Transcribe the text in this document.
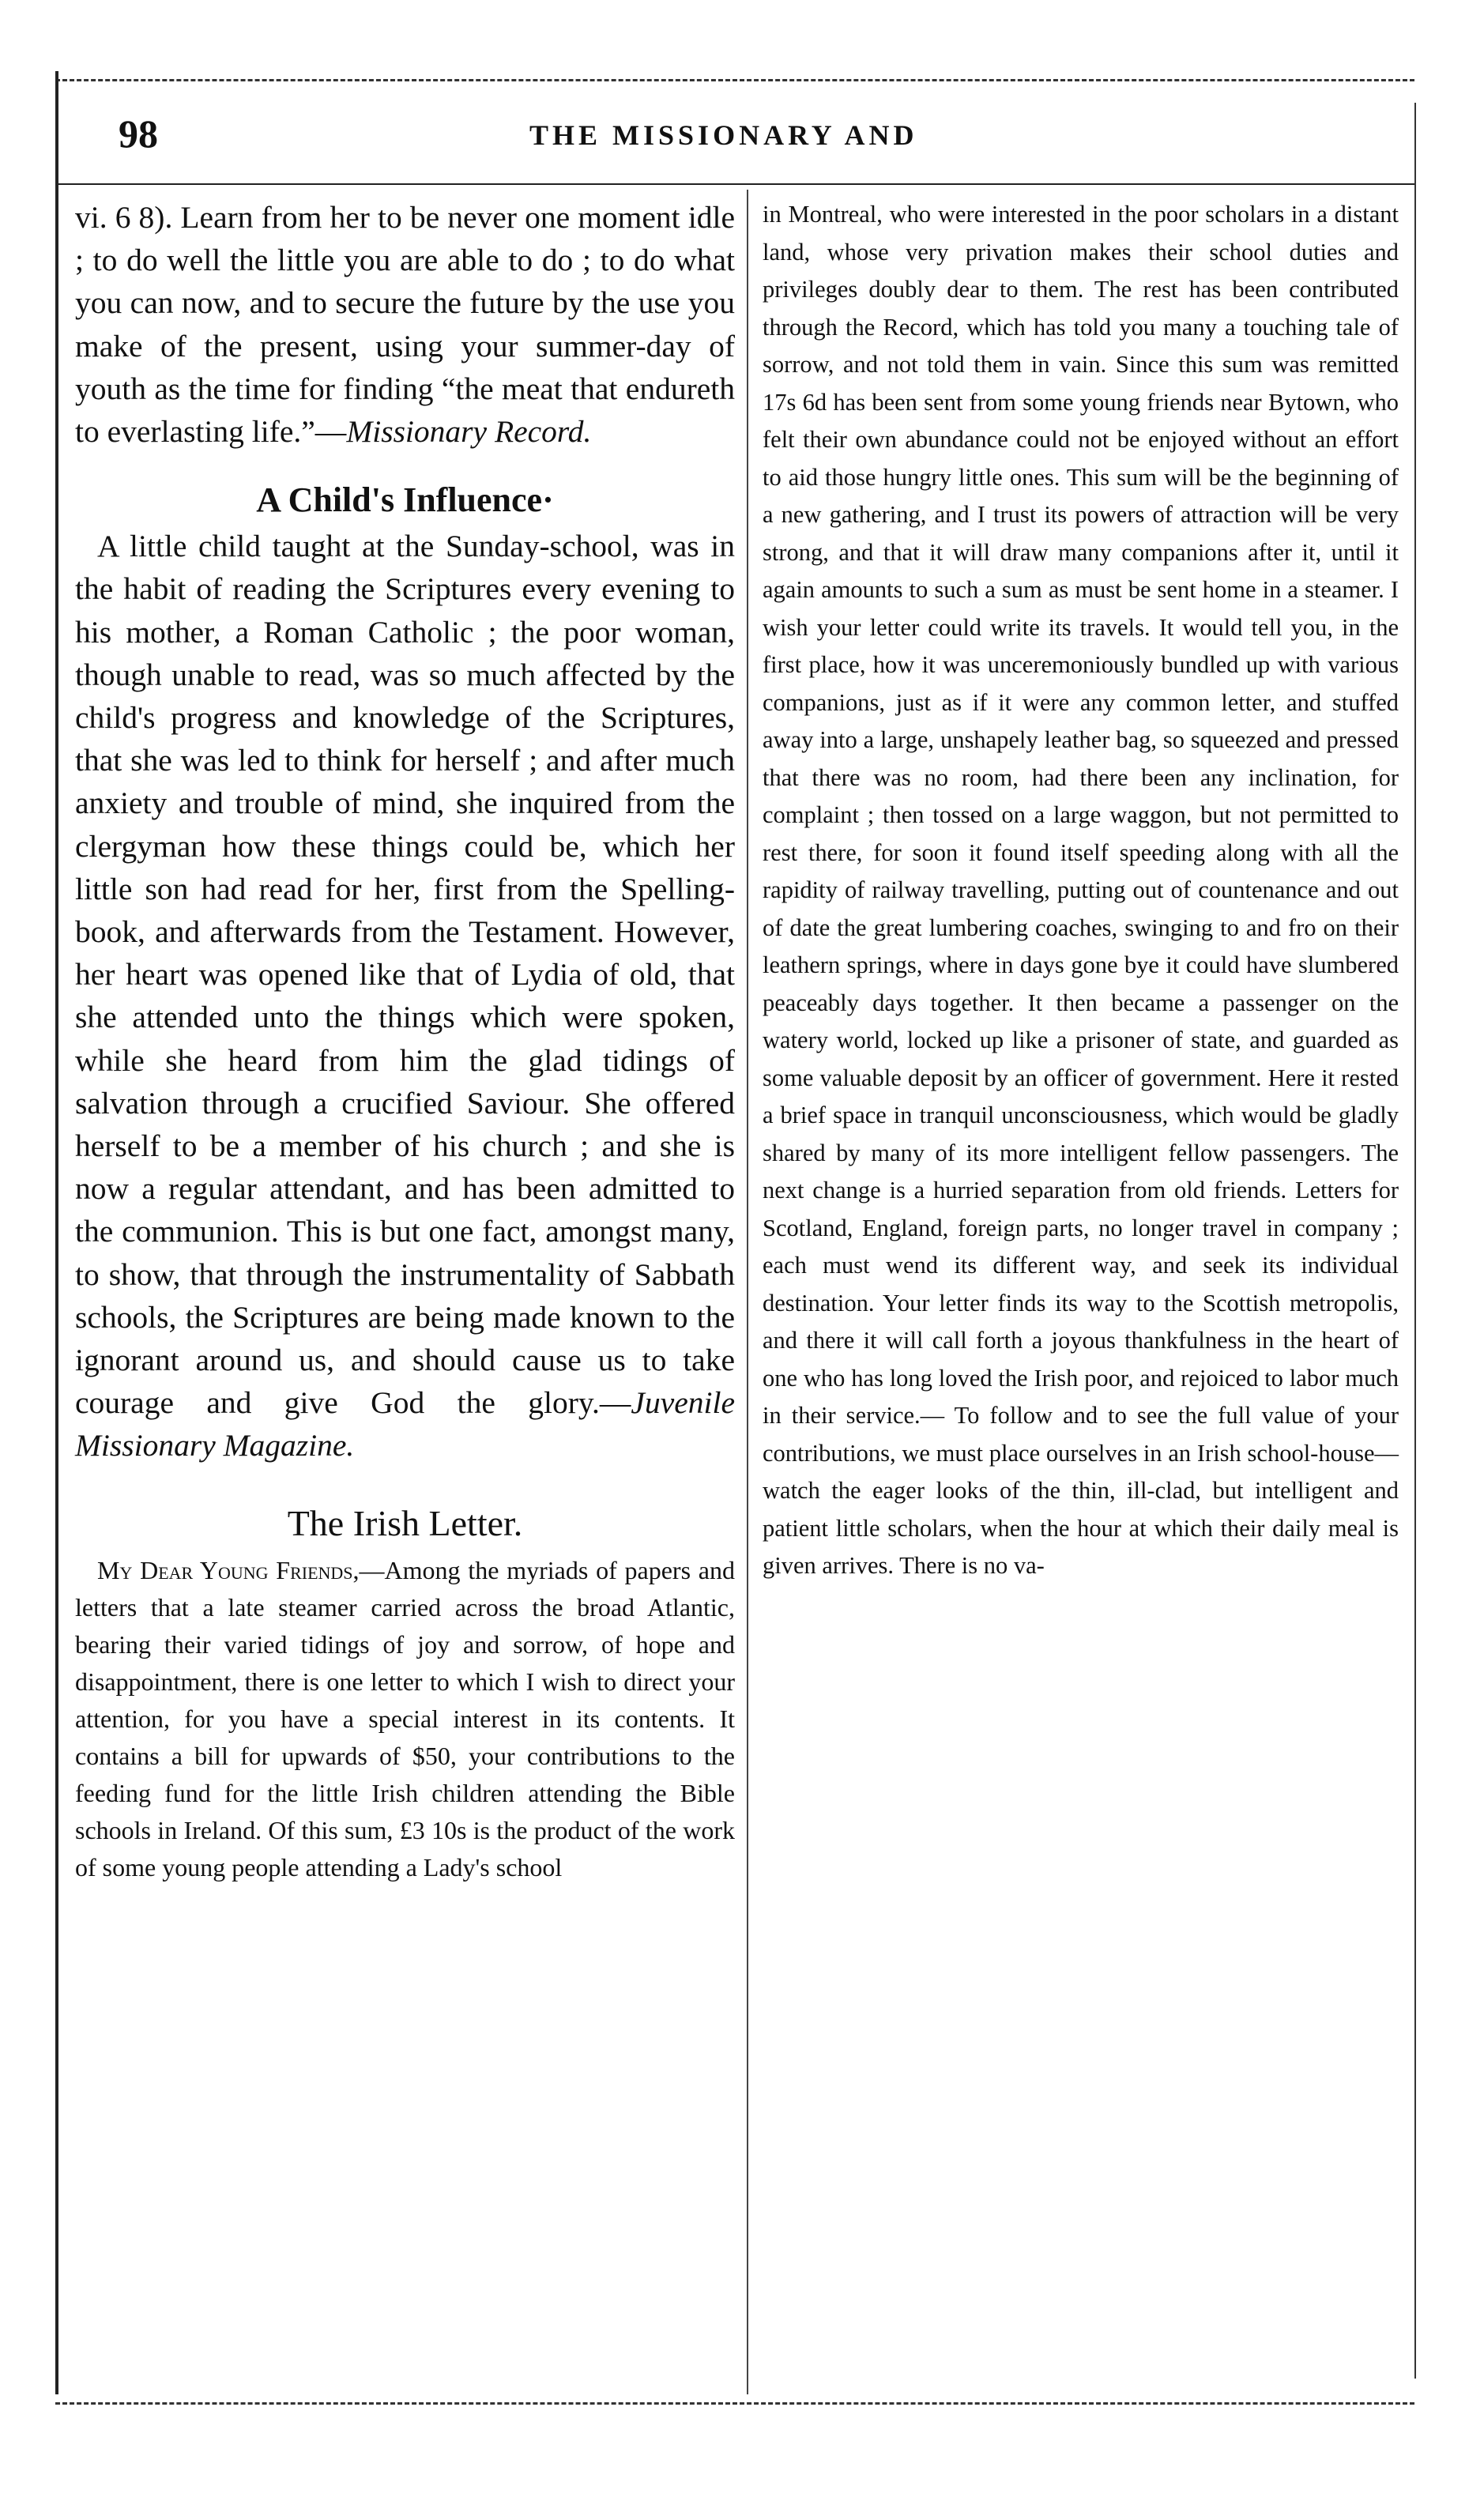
98	THE MISSIONARY AND

vi. 6 8). Learn from her to be never one moment idle ; to do well the little you are able to do ; to do what you can now, and to secure the future by the use you make of the present, using your summer-day of youth as the time for finding “the meat that endureth to everlasting life.”—Missionary Record.

A Child's Influence·

A little child taught at the Sunday-school, was in the habit of reading the Scriptures every evening to his mother, a Roman Catholic ; the poor woman, though unable to read, was so much affected by the child's progress and knowledge of the Scriptures, that she was led to think for herself ; and after much anxiety and trouble of mind, she inquired from the clergyman how these things could be, which her little son had read for her, first from the Spelling-book, and afterwards from the Testament. However, her heart was opened like that of Lydia of old, that she attended unto the things which were spoken, while she heard from him the glad tidings of salvation through a crucified Saviour. She offered herself to be a member of his church ; and she is now a regular attendant, and has been admitted to the communion. This is but one fact, amongst many, to show, that through the instrumentality of Sabbath schools, the Scriptures are being made known to the ignorant around us, and should cause us to take courage and give God the glory.—Juvenile Missionary Magazine.

The Irish Letter.

My Dear Young Friends,—Among the myriads of papers and letters that a late steamer carried across the broad Atlantic, bearing their varied tidings of joy and sorrow, of hope and disappointment, there is one letter to which I wish to direct your attention, for you have a special interest in its contents. It contains a bill for upwards of $50, your contributions to the feeding fund for the little Irish children attending the Bible schools in Ireland. Of this sum, £3 10s is the product of the work of some young people attending a Lady's school

in Montreal, who were interested in the poor scholars in a distant land, whose very privation makes their school duties and privileges doubly dear to them. The rest has been contributed through the Record, which has told you many a touching tale of sorrow, and not told them in vain. Since this sum was remitted 17s 6d has been sent from some young friends near Bytown, who felt their own abundance could not be enjoyed without an effort to aid those hungry little ones. This sum will be the beginning of a new gathering, and I trust its powers of attraction will be very strong, and that it will draw many companions after it, until it again amounts to such a sum as must be sent home in a steamer. I wish your letter could write its travels. It would tell you, in the first place, how it was unceremoniously bundled up with various companions, just as if it were any common letter, and stuffed away into a large, unshapely leather bag, so squeezed and pressed that there was no room, had there been any inclination, for complaint ; then tossed on a large waggon, but not permitted to rest there, for soon it found itself speeding along with all the rapidity of railway travelling, putting out of countenance and out of date the great lumbering coaches, swinging to and fro on their leathern springs, where in days gone bye it could have slumbered peaceably days together. It then became a passenger on the watery world, locked up like a prisoner of state, and guarded as some valuable deposit by an officer of government. Here it rested a brief space in tranquil unconsciousness, which would be gladly shared by many of its more intelligent fellow passengers. The next change is a hurried separation from old friends. Letters for Scotland, England, foreign parts, no longer travel in company ; each must wend its different way, and seek its individual destination. Your letter finds its way to the Scottish metropolis, and there it will call forth a joyous thankfulness in the heart of one who has long loved the Irish poor, and rejoiced to labor much in their service.— To follow and to see the full value of your contributions, we must place ourselves in an Irish school-house—watch the eager looks of the thin, ill-clad, but intelligent and patient little scholars, when the hour at which their daily meal is given arrives. There is no va-
